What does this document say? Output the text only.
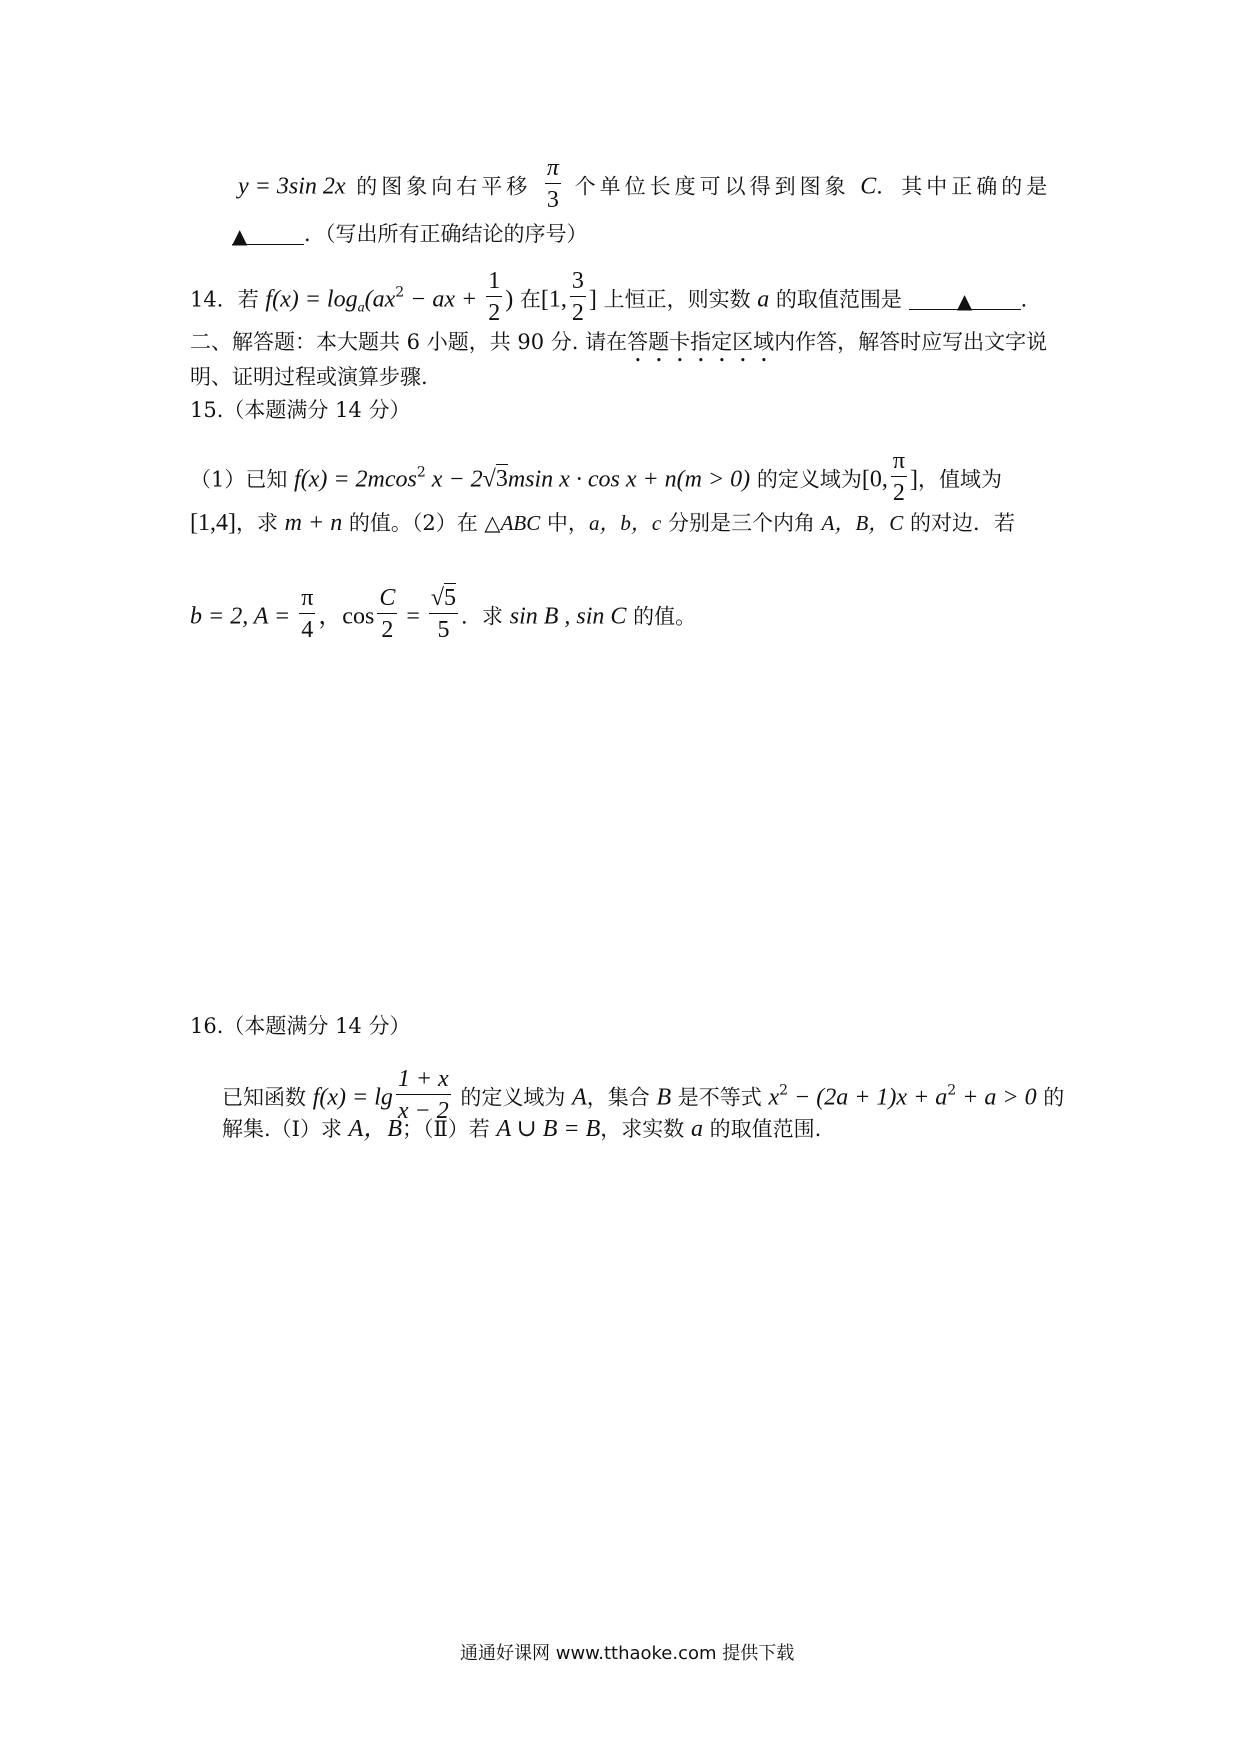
y = 3sin 2x 的图象向右平移 $\frac{\pi}{3}$ 个单位长度可以得到图象 C．其中正确的是
▲	．（写出所有正确结论的序号）
14．若 $f(x) = \log_a(ax^2$ − ax + $\frac{1}{2}$ ) 在[1, $\frac{3}{2}$ ] 上恒正，则实数 a 的取值范围是	▲ ．
二、解答题：本大题共 6 小题，共 90 分. 请在答题卡指定区域内作答，解答时应写出文字说
明、证明过程或演算步骤.
15.（本题满分 14 分）
（1）已知 f(x) = 2mcos$^2$ x − 2√3msin x · cos x + n(m > 0) 的定义域为[0, $\frac{\pi}{2}$ ]，值域为
[1,4]，求 m + n 的值。（2）在 △ABC 中，a，b，c 分别是三个内角 A，B，C 的对边．若
b = 2, $A = \frac{\pi}{4}$ ，$\cos \frac{C}{2} = \frac{√5}{5}$ ．求 sin B , sin C 的值。
16.（本题满分 14 分）
已知函数 $f(x) = \lg \frac{1 + x}{x - 2}$ 的定义域为 A，集合 B 是不等式 $x^2 - (2a + 1)x + a^2 + a > 0$ 的
解集.（Ⅰ）求 A，B；（Ⅱ）若 A ∪ B = B，求实数 a 的取值范围.
通通好课网 www.tthaoke.com 提供下载
